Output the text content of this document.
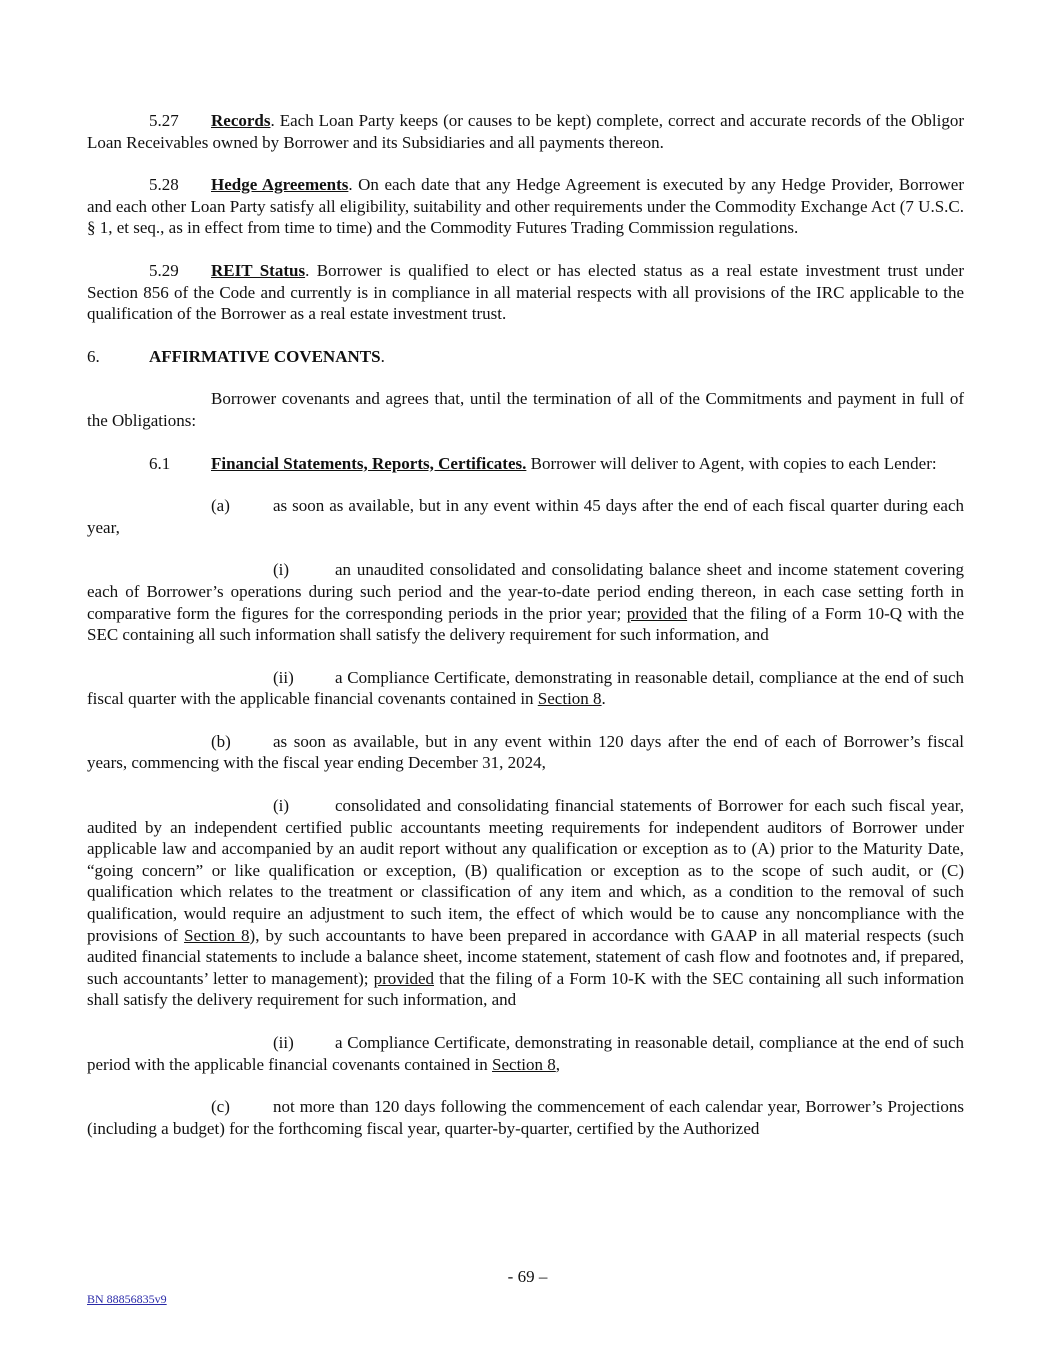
5.27 Records. Each Loan Party keeps (or causes to be kept) complete, correct and accurate records of the Obligor Loan Receivables owned by Borrower and its Subsidiaries and all payments thereon.

5.28 Hedge Agreements. On each date that any Hedge Agreement is executed by any Hedge Provider, Borrower and each other Loan Party satisfy all eligibility, suitability and other requirements under the Commodity Exchange Act (7 U.S.C. § 1, et seq., as in effect from time to time) and the Commodity Futures Trading Commission regulations.

5.29 REIT Status. Borrower is qualified to elect or has elected status as a real estate investment trust under Section 856 of the Code and currently is in compliance in all material respects with all provisions of the IRC applicable to the qualification of the Borrower as a real estate investment trust.

6.	AFFIRMATIVE COVENANTS.

Borrower covenants and agrees that, until the termination of all of the Commitments and payment in full of the Obligations:

6.1 Financial Statements, Reports, Certificates. Borrower will deliver to Agent, with copies to each Lender:

(a)	as soon as available, but in any event within 45 days after the end of each fiscal quarter during each year,

(i)	an unaudited consolidated and consolidating balance sheet and income statement covering each of Borrower’s operations during such period and the year-to-date period ending thereon, in each case setting forth in comparative form the figures for the corresponding periods in the prior year; provided that the filing of a Form 10-Q with the SEC containing all such information shall satisfy the delivery requirement for such information, and

(ii) a Compliance Certificate, demonstrating in reasonable detail, compliance at the end of such fiscal quarter with the applicable financial covenants contained in Section 8.

(b) as soon as available, but in any event within 120 days after the end of each of Borrower’s fiscal years, commencing with the fiscal year ending December 31, 2024,

(i)	consolidated and consolidating financial statements of Borrower for each such fiscal year, audited by an independent certified public accountants meeting requirements for independent auditors of Borrower under applicable law and accompanied by an audit report without any qualification or exception as to (A) prior to the Maturity Date, “going concern” or like qualification or exception, (B) qualification or exception as to the scope of such audit, or (C) qualification which relates to the treatment or classification of any item and which, as a condition to the removal of such qualification, would require an adjustment to such item, the effect of which would be to cause any noncompliance with the provisions of Section 8), by such accountants to have been prepared in accordance with GAAP in all material respects (such audited financial statements to include a balance sheet, income statement, statement of cash flow and footnotes and, if prepared, such accountants’ letter to management); provided that the filing of a Form 10-K with the SEC containing all such information shall satisfy the delivery requirement for such information, and

(ii) a Compliance Certificate, demonstrating in reasonable detail, compliance at the end of such period with the applicable financial covenants contained in Section 8,

(c)	not more than 120 days following the commencement of each calendar year, Borrower’s Projections (including a budget) for the forthcoming fiscal year, quarter-by-quarter, certified by the Authorized

- 69 –
BN 88856835v9
